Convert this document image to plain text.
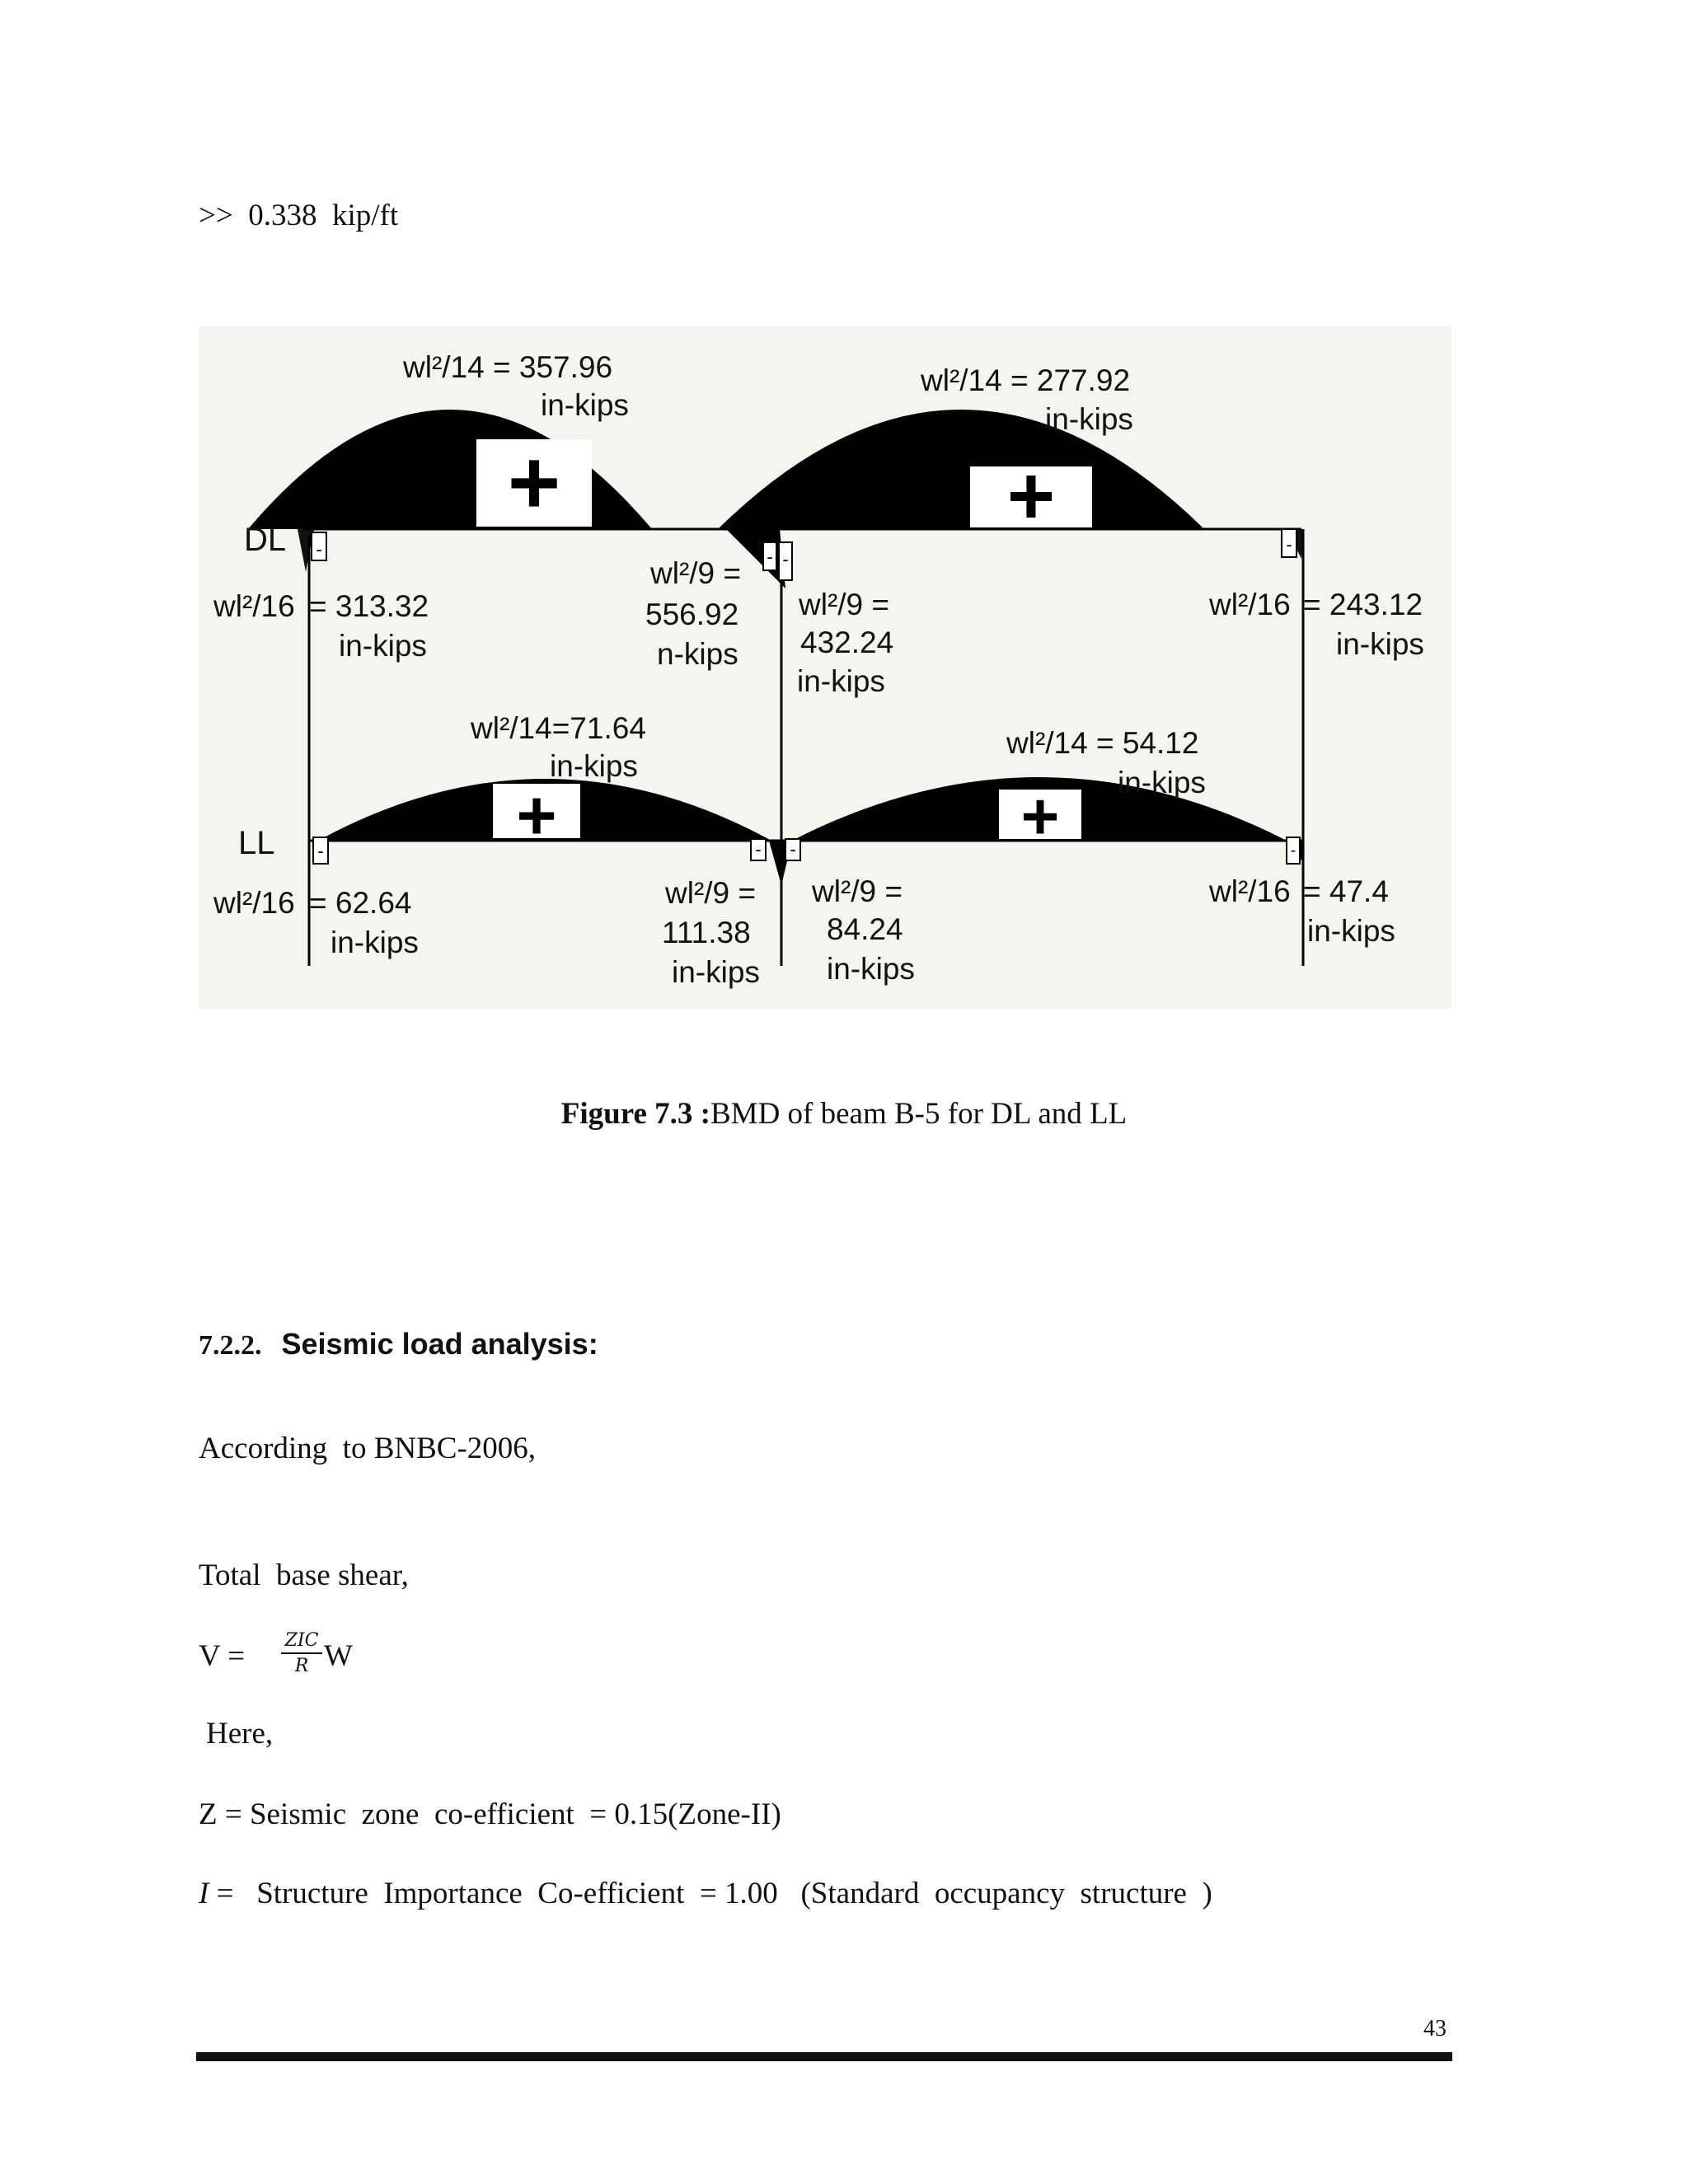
>>  0.338  kip/ft
+	+
-	- -
-
+	+
-	- -	-
DL
wl²/14 = 357.96
in-kips
wl²/14 = 277.92
in-kips
wl²/16 = 313.32
in-kips
wl²/9 =
556.92
n-kips
wl²/9 =
432.24
in-kips
wl²/16 = 243.12
in-kips
LL
wl²/14=71.64
in-kips
wl²/14 = 54.12
in-kips
wl²/16 = 62.64
in-kips
wl²/9 =
111.38
in-kips
wl²/9 =
84.24
in-kips
wl²/16 = 47.4
in-kips
Figure 7.3 :BMD of beam B-5 for DL and LL
7.2.2. Seismic load analysis:
According  to BNBC-2006,
Total  base shear,
V = ZIC
R W
Here,
Z = Seismic  zone  co-efficient  = 0.15(Zone-II)
I =   Structure  Importance  Co-efficient  = 1.00   (Standard  occupancy  structure  )
43
